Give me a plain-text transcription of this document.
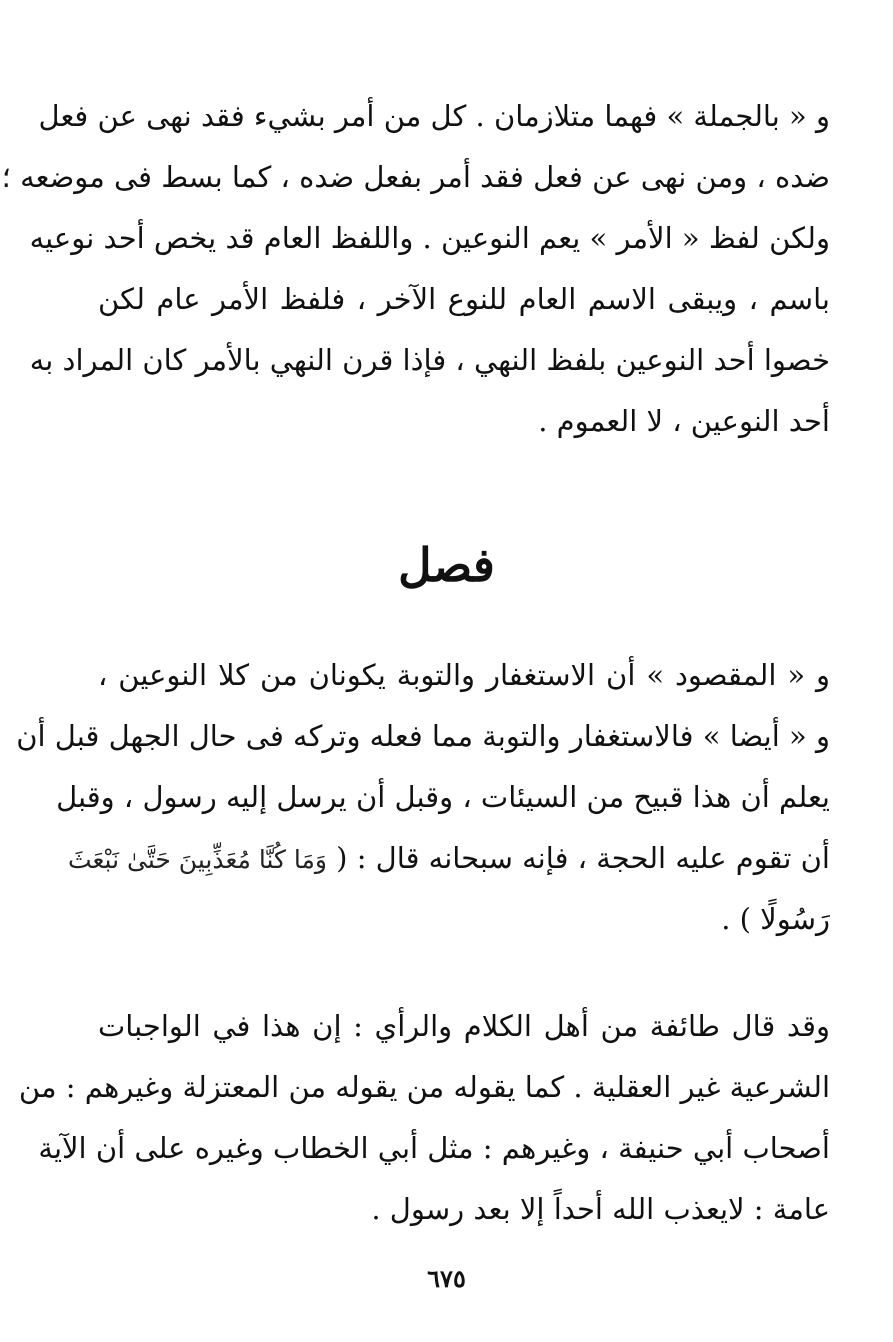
و « بالجملة » فهما متلازمان . كل من أمر بشيء فقد نهى عن فعل
ضده ، ومن نهى عن فعل فقد أمر بفعل ضده ، كما بسط فى موضعه ؛
ولكن لفظ « الأمر » يعم النوعين . واللفظ العام قد يخص أحد نوعيه
باسم ، ويبقى الاسم العام للنوع الآخر ، فلفظ الأمر عام لكن
خصوا أحد النوعين بلفظ النهي ، فإذا قرن النهي بالأمر كان المراد به
أحد النوعين ، لا العموم .
فصل
و « المقصود » أن الاستغفار والتوبة يكونان من كلا النوعين ،
و « أيضا » فالاستغفار والتوبة مما فعله وتركه فى حال الجهل قبل أن
يعلم أن هذا قبيح من السيئات ، وقبل أن يرسل إليه رسول ، وقبل
أن تقوم عليه الحجة ، فإنه سبحانه قال : ( وَمَا كُنَّا مُعَذِّبِينَ حَتَّىٰ نَبْعَثَ
رَسُولًا ) .
وقد قال طائفة من أهل الكلام والرأي : إن هذا في الواجبات
الشرعية غير العقلية . كما يقوله من يقوله من المعتزلة وغيرهم : من
أصحاب أبي حنيفة ، وغيرهم : مثل أبي الخطاب وغيره على أن الآية
عامة : لايعذب الله أحداً إلا بعد رسول .
٦٧٥
